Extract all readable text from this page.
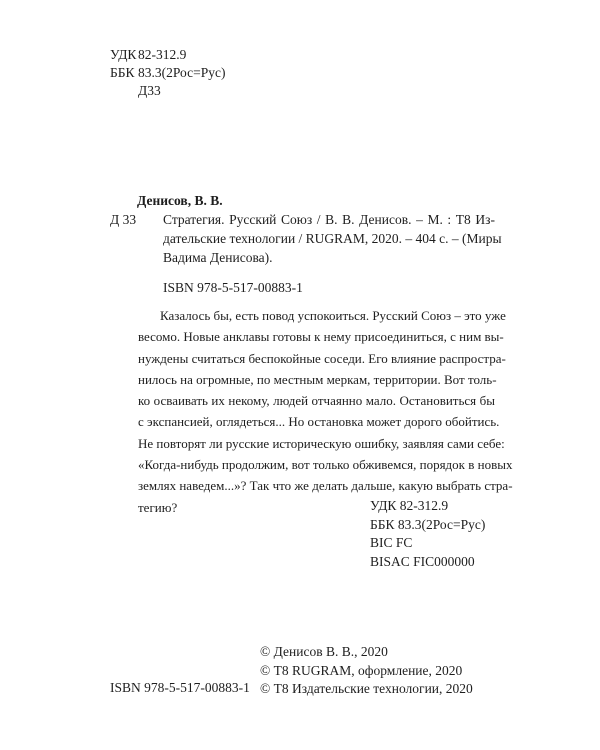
УДК 82-312.9
ББК 83.3(2Рос=Рус)
Д33
Денисов, В. В.
Д 33 Стратегия. Русский Союз / В. В. Денисов. – М. : Т8 Из-
дательские технологии / RUGRAM, 2020. – 404 с. – (Миры
Вадима Денисова).
ISBN 978-5-517-00883-1
Казалось бы, есть повод успокоиться. Русский Союз – это уже
весомо. Новые анклавы готовы к нему присоединиться, с ним вы-
нуждены считаться беспокойные соседи. Его влияние распростра-
нилось на огромные, по местным меркам, территории. Вот толь-
ко осваивать их некому, людей отчаянно мало. Остановиться бы
с экспансией, оглядеться... Но остановка может дорого обойтись.
Не повторят ли русские историческую ошибку, заявляя сами себе:
«Когда-нибудь продолжим, вот только обживемся, порядок в новых
землях наведем...»? Так что же делать дальше, какую выбрать стра-
тегию?	УДК 82-312.9
ББК 83.3(2Рос=Рус)
BIC FC
BISAC FIC000000
© Денисов В. В., 2020
© Т8 RUGRAM, оформление, 2020
© Т8 Издательские технологии, 2020
ISBN 978-5-517-00883-1
